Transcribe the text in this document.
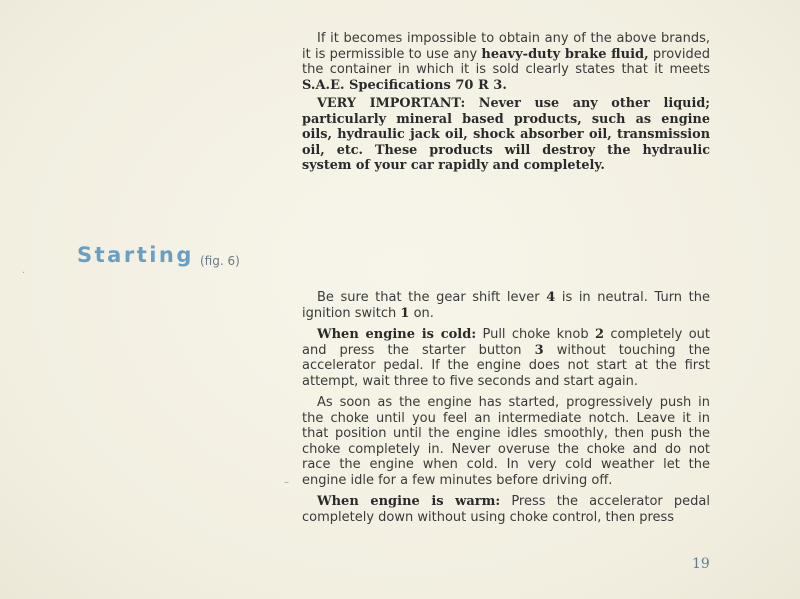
If it becomes impossible to obtain any of the above brands, it is permissible to use any heavy-duty brake fluid, provided the container in which it is sold clearly states that it meets S.A.E. Specifications 70 R 3.

VERY IMPORTANT: Never use any other liquid; particularly mineral based products, such as engine oils, hydraulic jack oil, shock absorber oil, transmission oil, etc. These products will destroy the hydraulic system of your car rapidly and completely.

Starting (fig. 6)

Be sure that the gear shift lever 4 is in neutral. Turn the ignition switch 1 on.

When engine is cold: Pull choke knob 2 completely out and press the starter button 3 without touching the accelerator pedal. If the engine does not start at the first attempt, wait three to five seconds and start again.

As soon as the engine has started, progressively push in the choke until you feel an intermediate notch. Leave it in that position until the engine idles smoothly, then push the choke completely in. Never overuse the choke and do not race the engine when cold. In very cold weather let the engine idle for a few minutes before driving off.

When engine is warm: Press the accelerator pedal completely down without using choke control, then press

19
–
·
